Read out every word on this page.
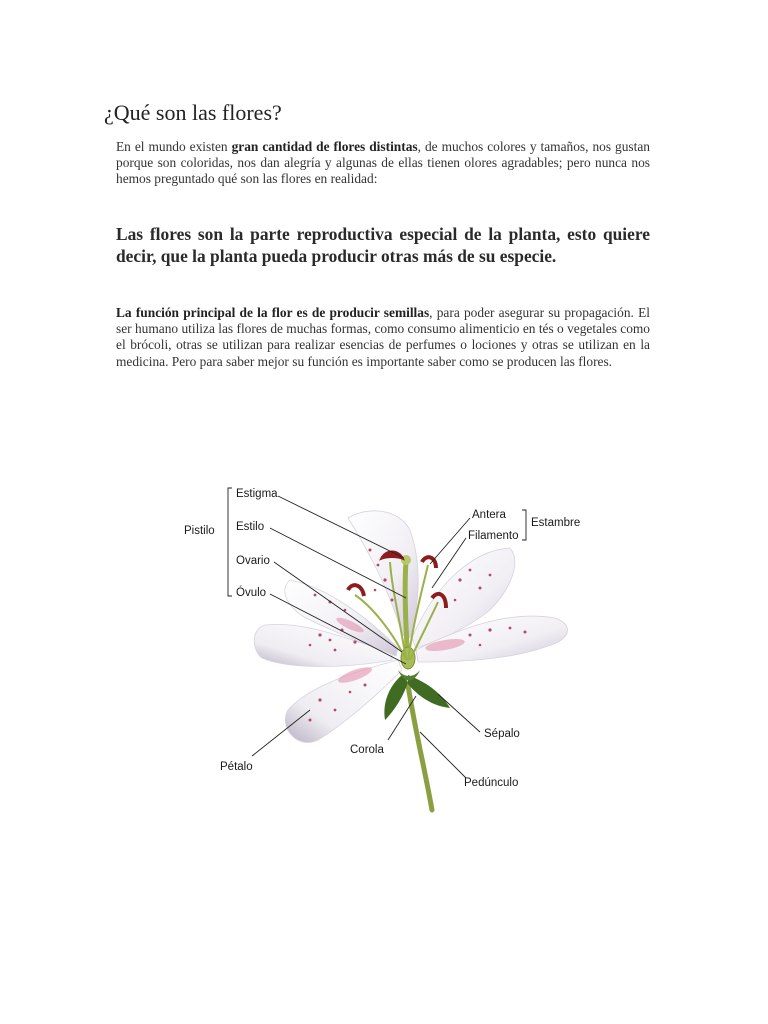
¿Qué son las flores?

En el mundo existen gran cantidad de flores distintas, de muchos colores y tamaños, nos gustan porque son coloridas, nos dan alegría y algunas de ellas tienen olores agradables; pero nunca nos hemos preguntado qué son las flores en realidad:

Las flores son la parte reproductiva especial de la planta, esto quiere decir, que la planta pueda producir otras más de su especie.

La función principal de la flor es de producir semillas, para poder asegurar su propagación. El ser humano utiliza las flores de muchas formas, como consumo alimenticio en tés o vegetales como el brócoli, otras se utilizan para realizar esencias de perfumes o lociones y otras se utilizan en la medicina. Pero para saber mejor su función es importante saber como se producen las flores.

Estigma
Estilo
Ovario
Óvulo
Pistilo
Antera
Filamento
Estambre
Sépalo
Corola
Pétalo
Pedúnculo
